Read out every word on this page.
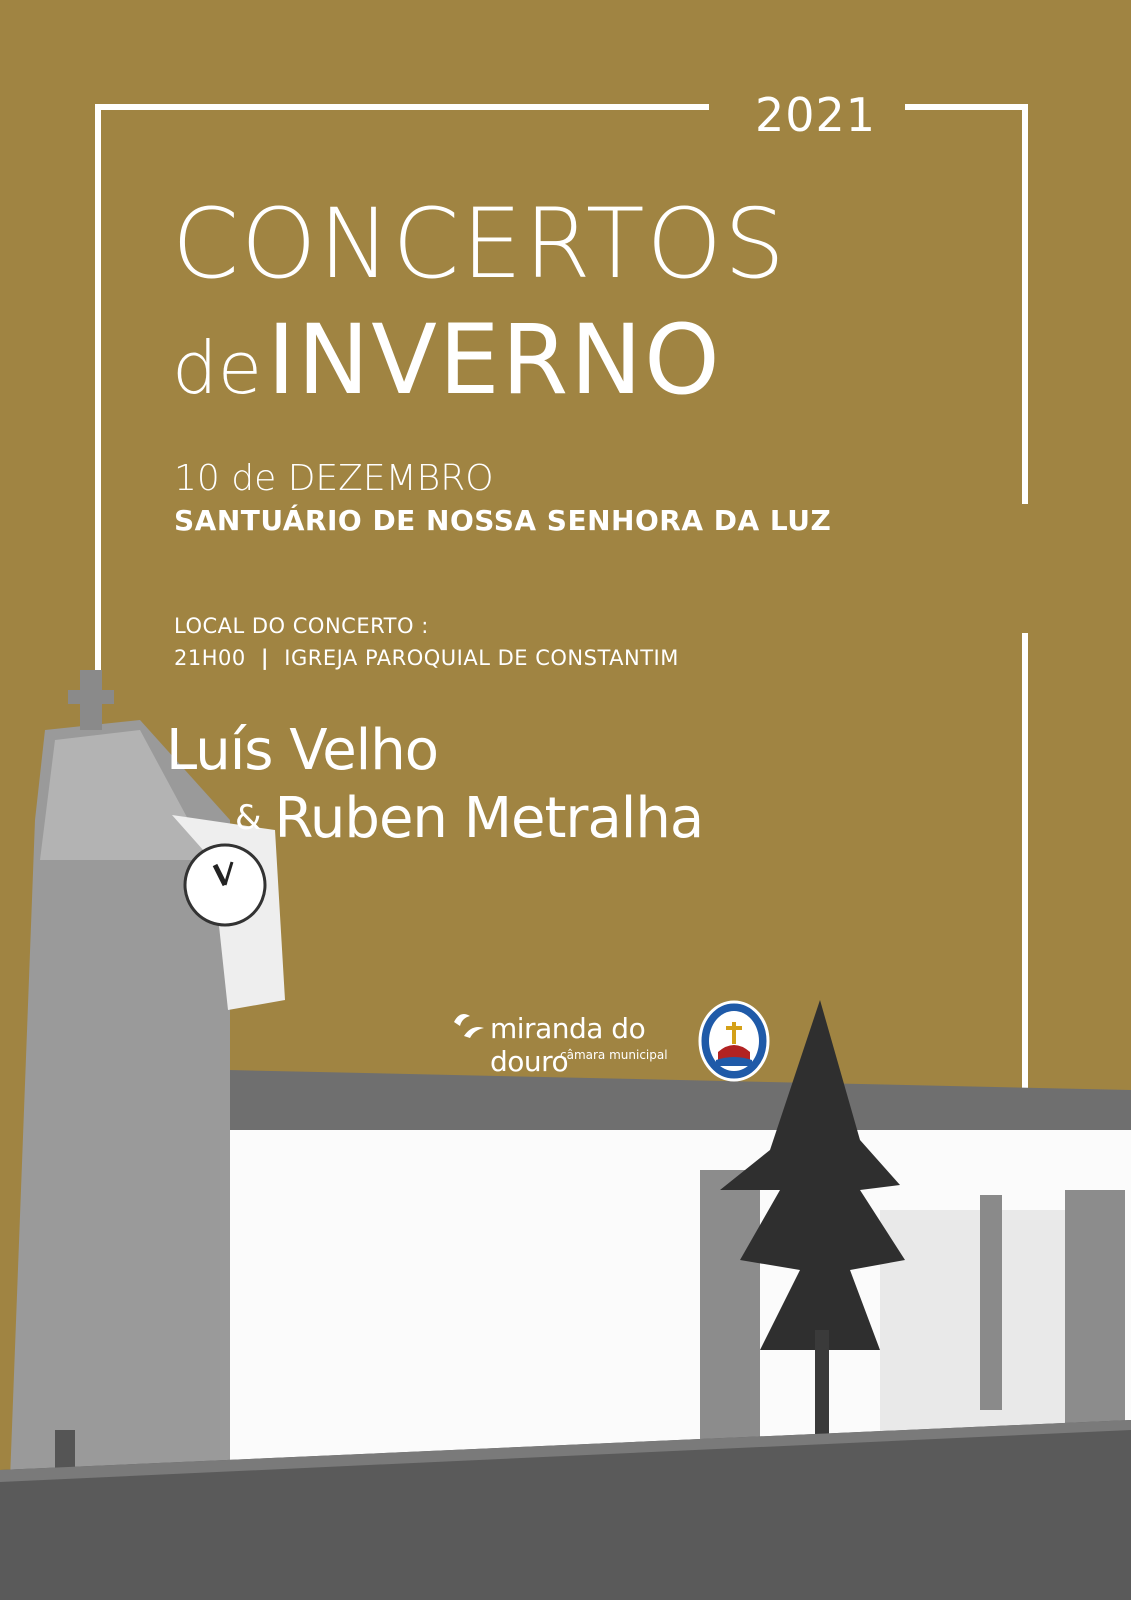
2021
CONCERTOS
de INVERNO
10 de DEZEMBRO
SANTUÁRIO DE NOSSA SENHORA DA LUZ
LOCAL DO CONCERTO :
21H00 | IGREJA PAROQUIAL DE CONSTANTIM
Luís Velho
& Ruben Metralha
miranda do douro
câmara municipal
